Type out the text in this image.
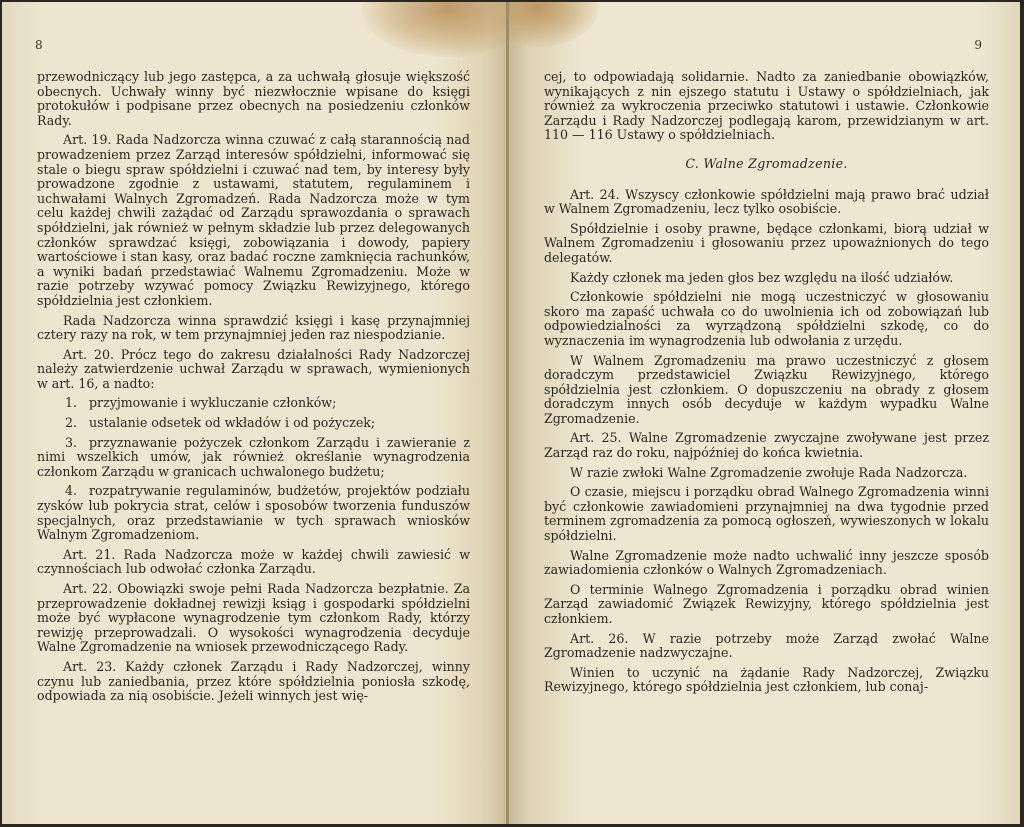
8

przewodniczący lub jego zastępca, a za uchwałą głosuje większość obecnych. Uchwały winny być niezwłocznie wpisane do księgi protokułów i podpisane przez obecnych na posiedzeniu członków Rady.

Art. 19. Rada Nadzorcza winna czuwać z całą starannością nad prowadzeniem przez Zarząd interesów spółdzielni, informować się stale o biegu spraw spółdzielni i czuwać nad tem, by interesy były prowadzone zgodnie z ustawami, statutem, regulaminem i uchwałami Walnych Zgromadzeń. Rada Nadzorcza może w tym celu każdej chwili zażądać od Zarządu sprawozdania o sprawach spółdzielni, jak również w pełnym składzie lub przez delegowanych członków sprawdzać księgi, zobowiązania i dowody, papiery wartościowe i stan kasy, oraz badać roczne zamknięcia rachunków, a wyniki badań przedstawiać Walnemu Zgromadzeniu. Może w razie potrzeby wzywać pomocy Związku Rewizyjnego, którego spółdzielnia jest członkiem.

Rada Nadzorcza winna sprawdzić księgi i kasę przynajmniej cztery razy na rok, w tem przynajmniej jeden raz niespodzianie.

Art. 20. Prócz tego do zakresu działalności Rady Nadzorczej należy zatwierdzenie uchwał Zarządu w sprawach, wymienionych w art. 16, a nadto:

1. przyjmowanie i wykluczanie członków;

2. ustalanie odsetek od wkładów i od pożyczek;

3. przyznawanie pożyczek członkom Zarządu i zawieranie z nimi wszelkich umów, jak również określanie wynagrodzenia członkom Zarządu w granicach uchwalonego budżetu;

4. rozpatrywanie regulaminów, budżetów, projektów podziału zysków lub pokrycia strat, celów i sposobów tworzenia funduszów specjalnych, oraz przedstawianie w tych sprawach wniosków Walnym Zgromadzeniom.

Art. 21. Rada Nadzorcza może w każdej chwili zawiesić w czynnościach lub odwołać członka Zarządu.

Art. 22. Obowiązki swoje pełni Rada Nadzorcza bezpłatnie. Za przeprowadzenie dokładnej rewizji ksiąg i gospodarki spółdzielni może być wypłacone wynagrodzenie tym członkom Rady, którzy rewizję przeprowadzali. O wysokości wynagrodzenia decyduje Walne Zgromadzenie na wniosek przewodniczącego Rady.

Art. 23. Każdy członek Zarządu i Rady Nadzorczej, winny czynu lub zaniedbania, przez które spółdzielnia poniosła szkodę, odpowiada za nią osobiście. Jeżeli winnych jest wię-

9

cej, to odpowiadają solidarnie. Nadto za zaniedbanie obowiązków, wynikających z nin ejszego statutu i Ustawy o spółdzielniach, jak również za wykroczenia przeciwko statutowi i ustawie. Członkowie Zarządu i Rady Nadzorczej podlegają karom, przewidzianym w art. 110 — 116 Ustawy o spółdzielniach.

C. Walne Zgromadzenie.

Art. 24. Wszyscy członkowie spółdzielni mają prawo brać udział w Walnem Zgromadzeniu, lecz tylko osobiście.

Spółdzielnie i osoby prawne, będące członkami, biorą udział w Walnem Zgromadzeniu i głosowaniu przez upoważnionych do tego delegatów.

Każdy członek ma jeden głos bez względu na ilość udziałów.

Członkowie spółdzielni nie mogą uczestniczyć w głosowaniu skoro ma zapaść uchwała co do uwolnienia ich od zobowiązań lub odpowiedzialności za wyrządzoną spółdzielni szkodę, co do wyznaczenia im wynagrodzenia lub odwołania z urzędu.

W Walnem Zgromadzeniu ma prawo uczestniczyć z głosem doradczym przedstawiciel Związku Rewizyjnego, którego spółdzielnia jest członkiem. O dopuszczeniu na obrady z głosem doradczym innych osób decyduje w każdym wypadku Walne Zgromadzenie.

Art. 25. Walne Zgromadzenie zwyczajne zwoływane jest przez Zarząd raz do roku, najpóźniej do końca kwietnia.

W razie zwłoki Walne Zgromadzenie zwołuje Rada Nadzorcza.

O czasie, miejscu i porządku obrad Walnego Zgromadzenia winni być członkowie zawiadomieni przynajmniej na dwa tygodnie przed terminem zgromadzenia za pomocą ogłoszeń, wywieszonych w lokalu spółdzielni.

Walne Zgromadzenie może nadto uchwalić inny jeszcze sposób zawiadomienia członków o Walnych Zgromadzeniach.

O terminie Walnego Zgromadzenia i porządku obrad winien Zarząd zawiadomić Związek Rewizyjny, którego spółdzielnia jest członkiem.

Art. 26. W razie potrzeby może Zarząd zwołać Walne Zgromadzenie nadzwyczajne.

Winien to uczynić na żądanie Rady Nadzorczej, Związku Rewizyjnego, którego spółdzielnia jest członkiem, lub conaj-
